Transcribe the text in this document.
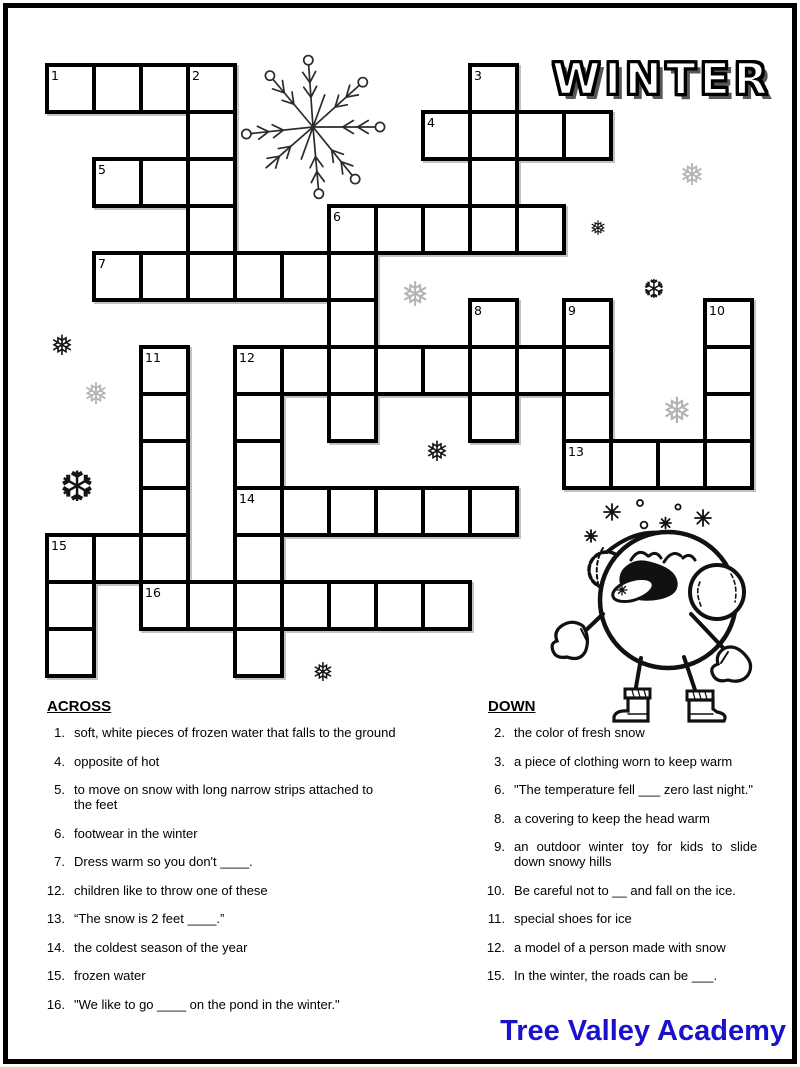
WINTER
1	2	3
4
5
6
7
8	9	10
11	12
13
14
15
16
❅
❅
❆
❅
❅
❅
❆
❅
❅
❅
ACROSS
1. soft, white pieces of frozen water that falls to the ground
4. opposite of hot
5. to move on snow with long narrow strips attached to
the feet
6. footwear in the winter
7. Dress warm so you don't ____.
12. children like to throw one of these
13. “The snow is 2 feet ____.”
14. the coldest season of the year
15. frozen water
16. "We like to go ____ on the pond in the winter."
DOWN
2. the color of fresh snow
3. a piece of clothing worn to keep warm
6. "The temperature fell ___ zero last night."
8. a covering to keep the head warm
9. an outdoor winter toy for kids to slide
down snowy hills
10. Be careful not to __ and fall on the ice.
11. special shoes for ice
12. a model of a person made with snow
15. In the winter, the roads can be ___.
Tree Valley Academy
